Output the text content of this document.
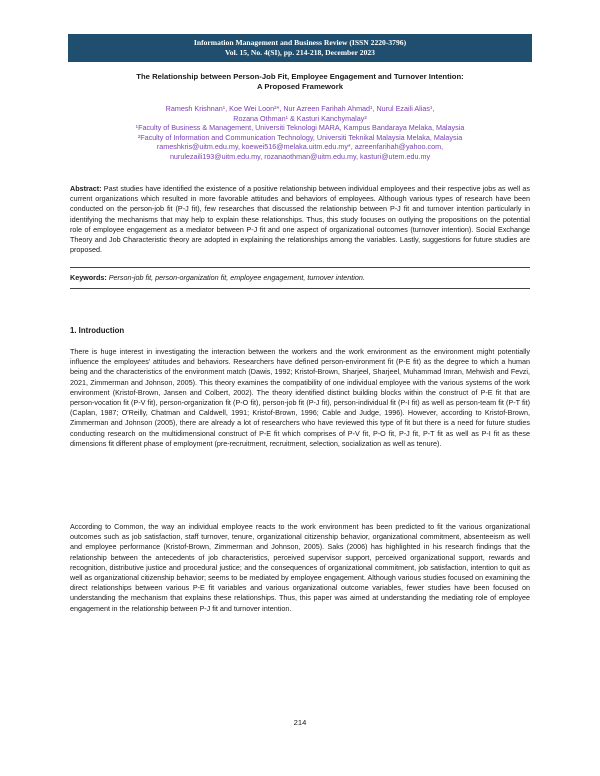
Information Management and Business Review (ISSN 2220-3796)
Vol. 15, No. 4(SI), pp. 214-218, December 2023
The Relationship between Person-Job Fit, Employee Engagement and Turnover Intention:
A Proposed Framework
Ramesh Krishnan¹, Koe Wei Loon²*, Nur Azreen Farihah Ahmad¹, Nurul Ezaili Alias¹,
Rozana Othman¹ & Kasturi Kanchymalay²
¹Faculty of Business & Management, Universiti Teknologi MARA, Kampus Bandaraya Melaka, Malaysia
²Faculty of Information and Communication Technology, Universiti Teknikal Malaysia Melaka, Malaysia
rameshkris@uitm.edu.my, koewei516@melaka.uitm.edu.my*, azreenfarihah@yahoo.com,
nurulezaili193@uitm.edu.my, rozanaothman@uitm.edu.my, kasturi@utem.edu.my
Abstract: Past studies have identified the existence of a positive relationship between individual employees and their respective jobs as well as current organizations which resulted in more favorable attitudes and behaviors of employees. Although various types of research have been conducted on the person-job fit (P-J fit), few researches that discussed the relationship between P-J fit and turnover intention particularly in identifying the mechanisms that may help to explain these relationships. Thus, this study focuses on outlying the propositions on the potential role of employee engagement as a mediator between P-J fit and one aspect of organizational outcomes (turnover intention). Social Exchange Theory and Job Characteristic theory are adopted in explaining the relationships among the variables. Lastly, suggestions for future studies are proposed.
Keywords: Person-job fit, person-organization fit, employee engagement, turnover intention.
1. Introduction
There is huge interest in investigating the interaction between the workers and the work environment as the environment might potentially influence the employees' attitudes and behaviors. Researchers have defined person-environment fit (P-E fit) as the degree to which a human being and the characteristics of the environment match (Dawis, 1992; Kristof-Brown, Sharjeel, Sharjeel, Muhammad Imran, Mehwish and Fevzi, 2021, Zimmerman and Johnson, 2005). This theory examines the compatibility of one individual employee with the various systems of the work environment (Kristof-Brown, Jansen and Colbert, 2002). The theory identified distinct building blocks within the construct of P-E fit that are person-vocation fit (P-V fit), person-organization fit (P-O fit), person-job fit (P-J fit), person-individual fit (P-I fit) as well as person-team fit (P-T fit) (Caplan, 1987; O'Reilly, Chatman and Caldwell, 1991; Kristof-Brown, 1996; Cable and Judge, 1996). However, according to Kristof-Brown, Zimmerman and Johnson (2005), there are already a lot of researchers who have reviewed this type of fit but there is a need for future studies conducting research on the multidimensional construct of P-E fit which comprises of P-V fit, P-O fit, P-J fit, P-T fit as well as P-I fit as these dimensions fit different phase of employment (pre-recruitment, recruitment, selection, socialization as well as tenure).
According to Common, the way an individual employee reacts to the work environment has been predicted to fit the various organizational outcomes such as job satisfaction, staff turnover, tenure, organizational citizenship behavior, organizational commitment, absenteeism as well and employee performance (Kristof-Brown, Zimmerman and Johnson, 2005). Saks (2006) has highlighted in his research findings that the relationship between the antecedents of job characteristics, perceived supervisor support, perceived organizational support, rewards and recognition, distributive justice and procedural justice; and the consequences of organizational commitment, job satisfaction, intention to quit as well as organizational citizenship behavior; seems to be mediated by employee engagement. Although various studies focused on examining the direct relationships between various P-E fit variables and various organizational outcome variables, fewer studies have been focused on understanding the mechanism that explains these relationships. Thus, this paper was aimed at understanding the mediating role of employee engagement in the relationship between P-J fit and turnover intention.
214
